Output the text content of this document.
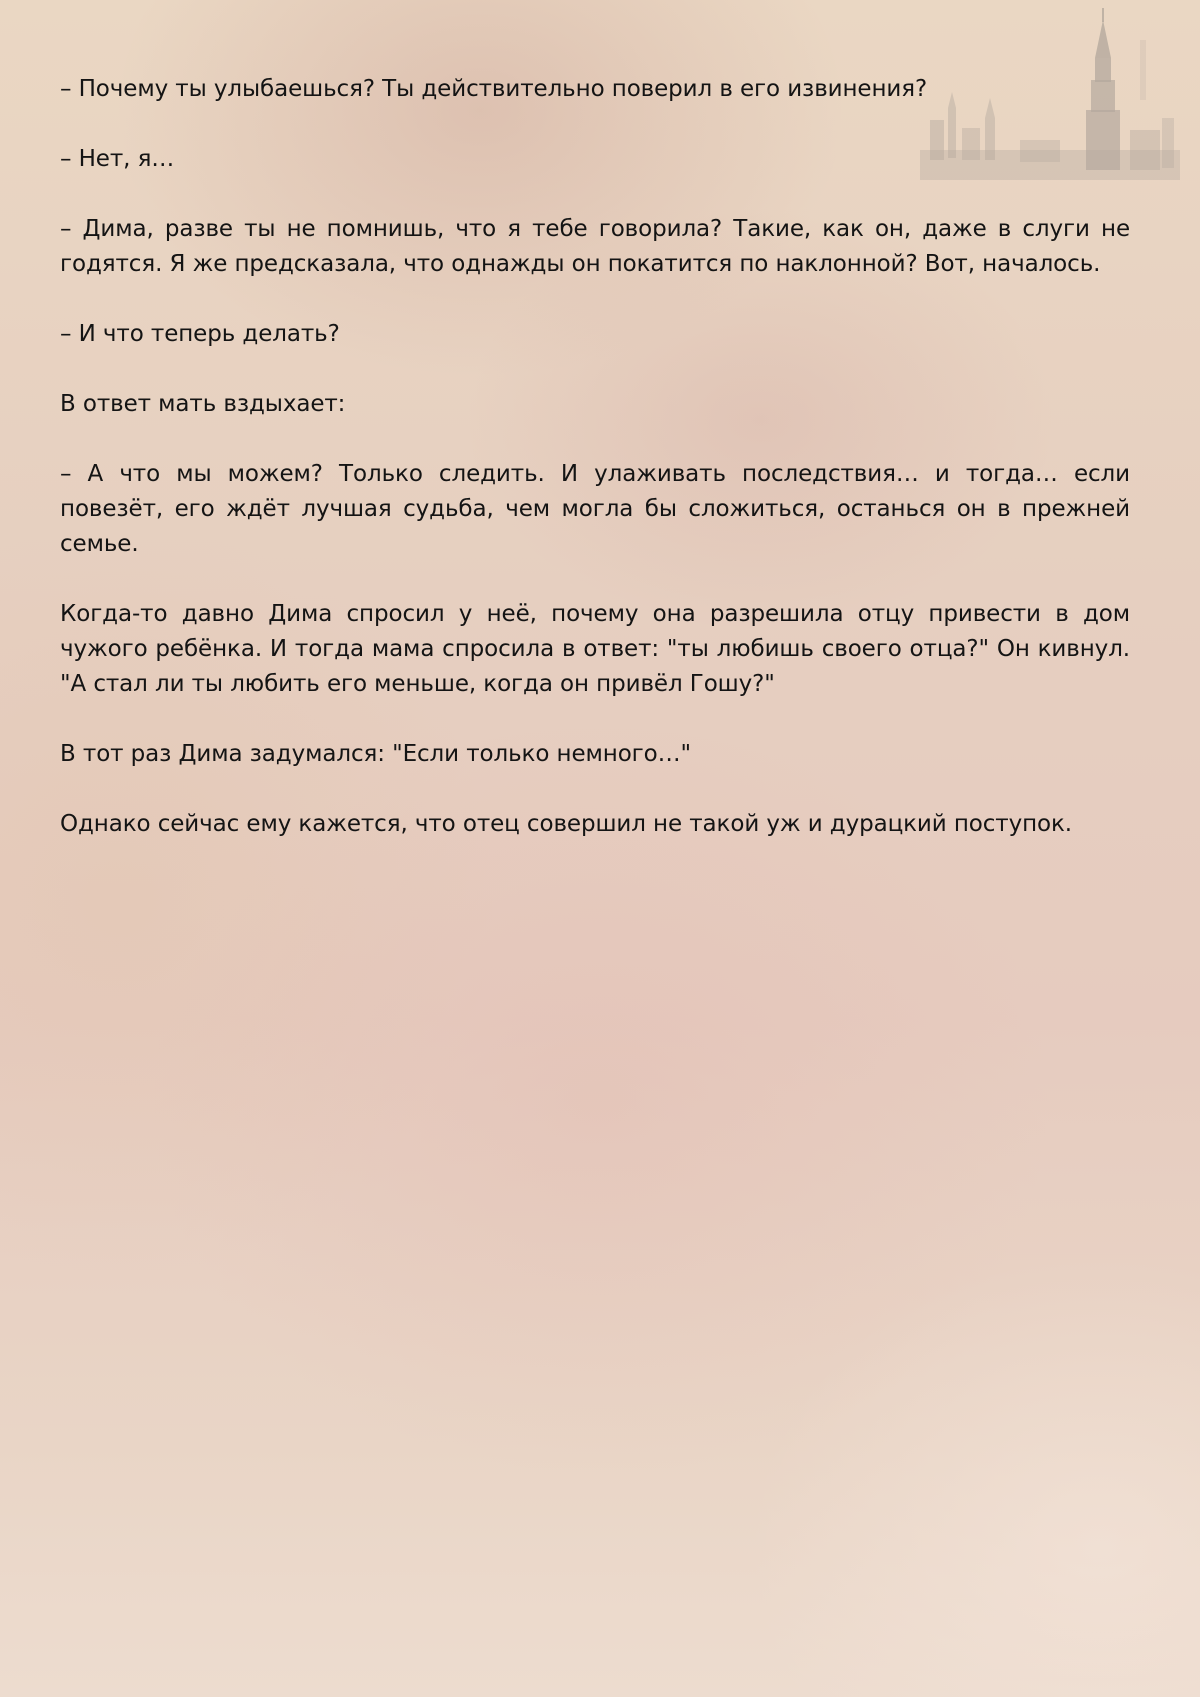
– Почему ты улыбаешься? Ты действительно поверил в его извинения?

– Нет, я…

– Дима, разве ты не помнишь, что я тебе говорила? Такие, как он, даже в слуги не годятся. Я же предсказала, что однажды он покатится по наклонной? Вот, началось.

– И что теперь делать?

В ответ мать вздыхает:

– А что мы можем? Только следить. И улаживать последствия… и тогда… если повезёт, его ждёт лучшая судьба, чем могла бы сложиться, останься он в прежней семье.

Когда-то давно Дима спросил у неё, почему она разрешила отцу привести в дом чужого ребёнка. И тогда мама спросила в ответ: "ты любишь своего отца?" Он кивнул. "А стал ли ты любить его меньше, когда он привёл Гошу?"

В тот раз Дима задумался: "Если только немного…"

Однако сейчас ему кажется, что отец совершил не такой уж и дурацкий поступок.
